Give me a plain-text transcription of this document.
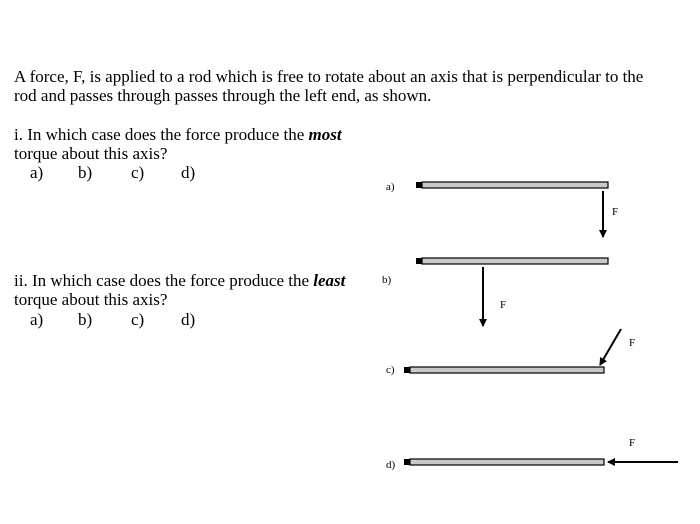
A force, F, is applied to a rod which is free to rotate about an axis that is perpendicular to the
rod and passes through passes through the left end, as shown.
i. In which case does the force produce the most
torque about this axis?
a) b) c) d)
ii. In which case does the force produce the least
torque about this axis?
a) b) c) d)
a)
F
b)
F
c)
F
d)
F
